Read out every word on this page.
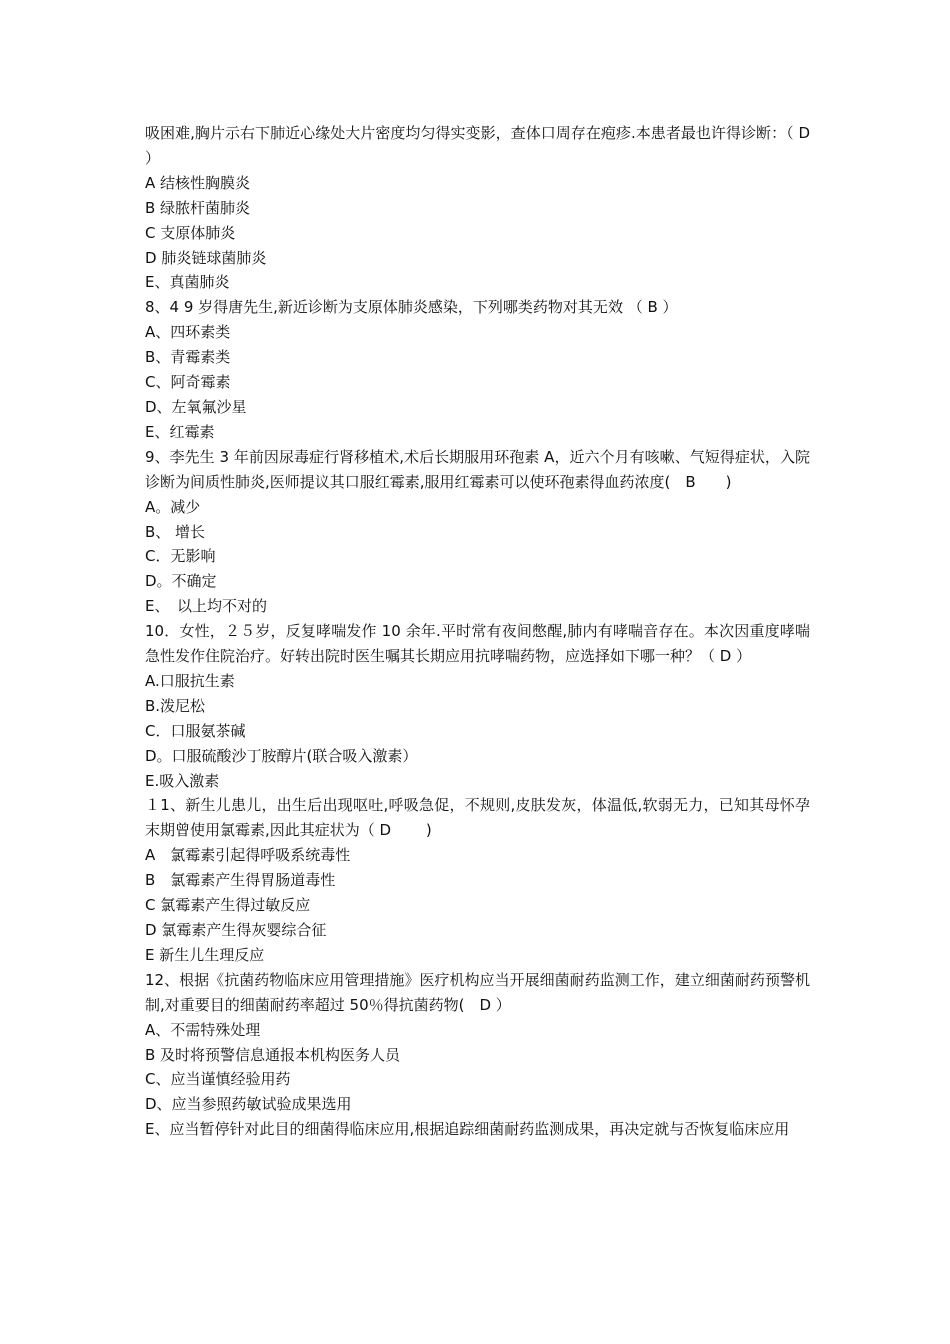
吸困难,胸片示右下肺近心缘处大片密度均匀得实变影，查体口周存在疱疹.本患者最也许得诊断：（ D ）
A 结核性胸膜炎
B 绿脓杆菌肺炎
C 支原体肺炎
D 肺炎链球菌肺炎
E、真菌肺炎
8、4 9 岁得唐先生,新近诊断为支原体肺炎感染，下列哪类药物对其无效 （ B ）
A、四环素类
B、青霉素类
C、阿奇霉素
D、左氧氟沙星
E、红霉素
9、李先生 3 年前因尿毒症行肾移植术,术后长期服用环孢素 A，近六个月有咳嗽、气短得症状，入院诊断为间质性肺炎,医师提议其口服红霉素,服用红霉素可以使环孢素得血药浓度(　B　　)
A。减少
B、 增长
C．无影响
D。不确定
E、　以上均不对的
10．女性，２５岁，反复哮喘发作 10 余年.平时常有夜间憋醒,肺内有哮喘音存在。本次因重度哮喘急性发作住院治疗。好转出院时医生嘱其长期应用抗哮喘药物，应选择如下哪一种？（ D ）
A.口服抗生素
B.泼尼松
C．口服氨茶碱
D。口服硫酸沙丁胺醇片(联合吸入激素）
E.吸入激素
１1、新生儿患儿，出生后出现呕吐,呼吸急促，不规则,皮肤发灰，体温低,软弱无力，已知其母怀孕末期曾使用氯霉素,因此其症状为（ D 　　)
A　氯霉素引起得呼吸系统毒性
B　氯霉素产生得胃肠道毒性
C 氯霉素产生得过敏反应
D 氯霉素产生得灰婴综合征
E 新生儿生理反应
12、根据《抗菌药物临床应用管理措施》医疗机构应当开展细菌耐药监测工作，建立细菌耐药预警机制,对重要目的细菌耐药率超过 50％得抗菌药物(　D ）
A、不需特殊处理
B 及时将预警信息通报本机构医务人员
C、应当谨慎经验用药
D、应当参照药敏试验成果选用
E、应当暂停针对此目的细菌得临床应用,根据追踪细菌耐药监测成果，再决定就与否恢复临床应用
